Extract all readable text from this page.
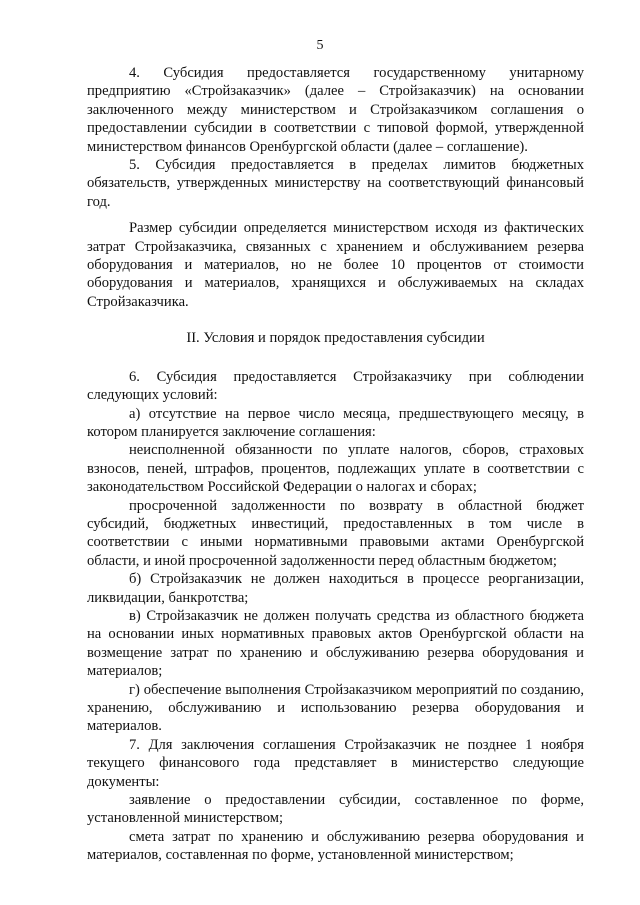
5

4. Субсидия предоставляется государственному унитарному предприятию «Стройзаказчик» (далее – Стройзаказчик) на основании заключенного между министерством и Стройзаказчиком соглашения о предоставлении субсидии в соответствии с типовой формой, утвержденной министерством финансов Оренбургской области (далее – соглашение).

5. Субсидия предоставляется в пределах лимитов бюджетных обязательств, утвержденных министерству на соответствующий финансовый год.

Размер субсидии определяется министерством исходя из фактических затрат Стройзаказчика, связанных с хранением и обслуживанием резерва оборудования и материалов, но не более 10 процентов от стоимости оборудования и материалов, хранящихся и обслуживаемых на складах Стройзаказчика.

II. Условия и порядок предоставления субсидии

6. Субсидия предоставляется Стройзаказчику при соблюдении следующих условий:

а) отсутствие на первое число месяца, предшествующего месяцу, в котором планируется заключение соглашения:

неисполненной обязанности по уплате налогов, сборов, страховых взносов, пеней, штрафов, процентов, подлежащих уплате в соответствии с законодательством Российской Федерации о налогах и сборах;

просроченной задолженности по возврату в областной бюджет субсидий, бюджетных инвестиций, предоставленных в том числе в соответствии с иными нормативными правовыми актами Оренбургской области, и иной просроченной задолженности перед областным бюджетом;

б) Стройзаказчик не должен находиться в процессе реорганизации, ликвидации, банкротства;

в) Стройзаказчик не должен получать средства из областного бюджета на основании иных нормативных правовых актов Оренбургской области на возмещение затрат по хранению и обслуживанию резерва оборудования и материалов;

г) обеспечение выполнения Стройзаказчиком мероприятий по созданию, хранению, обслуживанию и использованию резерва оборудования и материалов.

7. Для заключения соглашения Стройзаказчик не позднее 1 ноября текущего финансового года представляет в министерство следующие документы:

заявление о предоставлении субсидии, составленное по форме, установленной министерством;

смета затрат по хранению и обслуживанию резерва оборудования и материалов, составленная по форме, установленной министерством;
